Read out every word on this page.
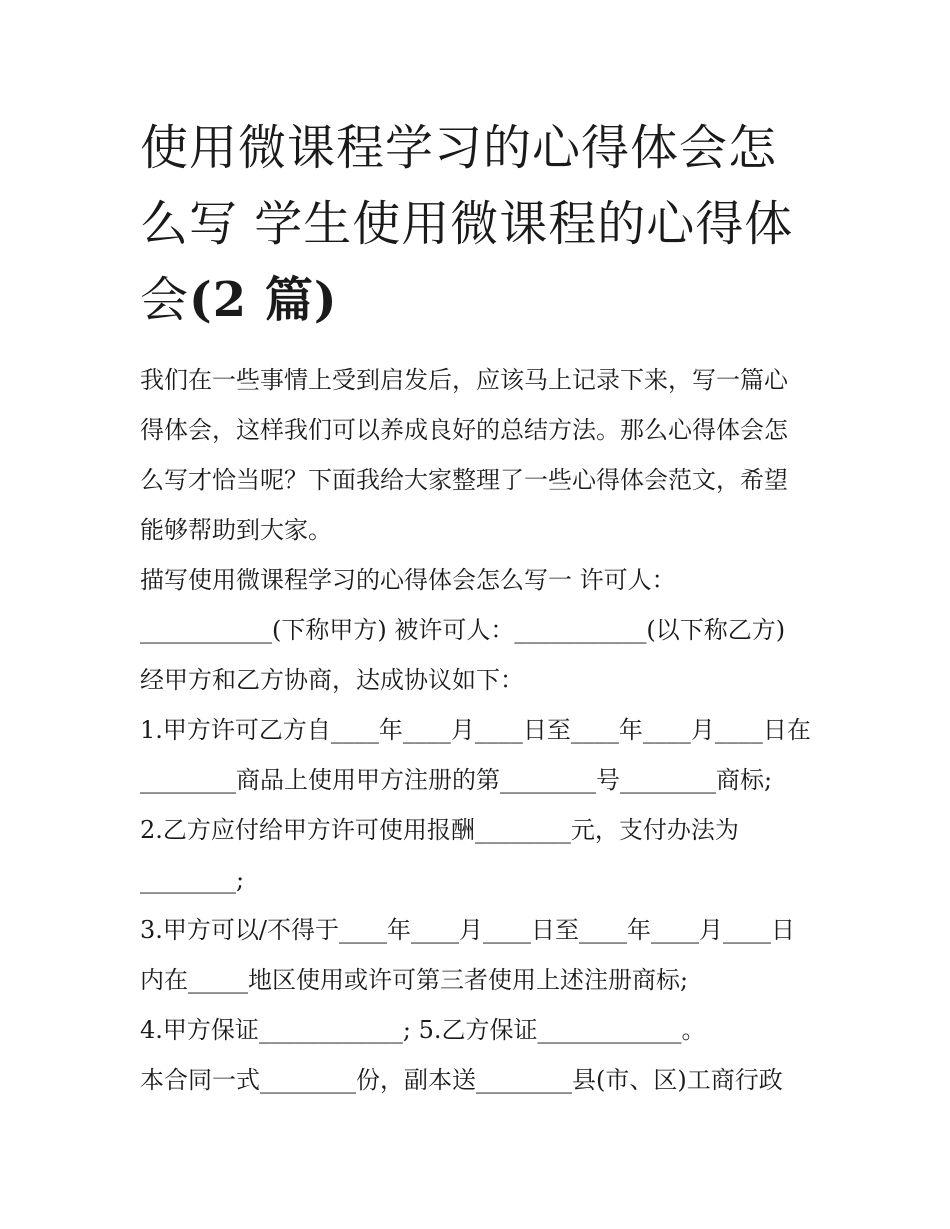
使用微课程学习的心得体会怎
么写 学生使用微课程的心得体
会(2 篇)
我们在一些事情上受到启发后，应该马上记录下来，写一篇心
得体会，这样我们可以养成良好的总结方法。那么心得体会怎
么写才恰当呢？下面我给大家整理了一些心得体会范文，希望
能够帮助到大家。
描写使用微课程学习的心得体会怎么写一 许可人：
___________(下称甲方) 被许可人：___________(以下称乙方)
经甲方和乙方协商，达成协议如下：
1.甲方许可乙方自____年____月____日至____年____月____日在
________商品上使用甲方注册的第________号________商标;
2.乙方应付给甲方许可使用报酬________元，支付办法为
________;
3.甲方可以/不得于____年____月____日至____年____月____日
内在_____地区使用或许可第三者使用上述注册商标;
4.甲方保证____________; 5.乙方保证____________。
本合同一式________份，副本送________县(市、区)工商行政
